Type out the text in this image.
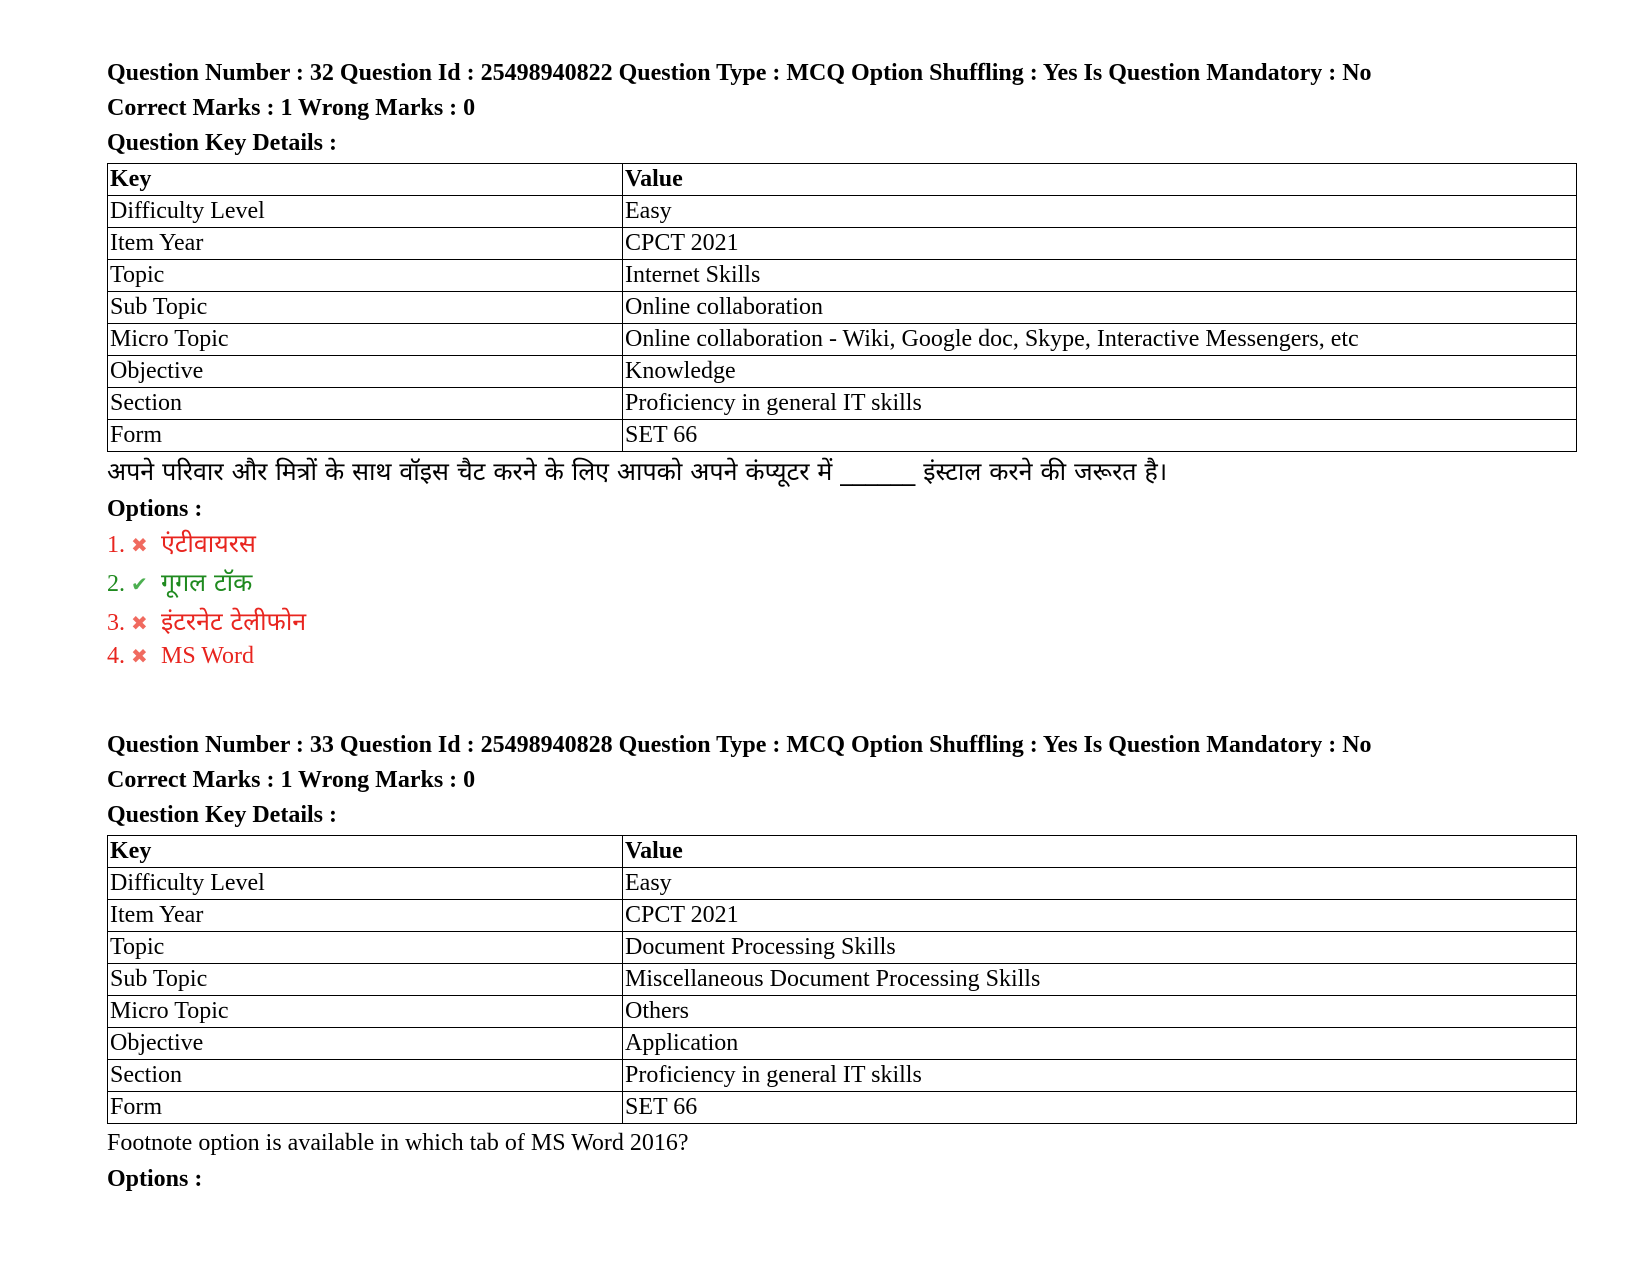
Question Number : 32 Question Id : 25498940822 Question Type : MCQ Option Shuffling : Yes Is Question Mandatory : No
Correct Marks : 1 Wrong Marks : 0
Question Key Details :
Key	Value
Difficulty Level	Easy
Item Year	CPCT 2021
Topic	Internet Skills
Sub Topic	Online collaboration
Micro Topic	Online collaboration - Wiki, Google doc, Skype, Interactive Messengers, etc
Objective	Knowledge
Section	Proficiency in general IT skills
Form	SET 66
अपने परिवार और मित्रों के साथ वॉइस चैट करने के लिए आपको अपने कंप्यूटर में ______ इंस्टाल करने की जरूरत है।
Options :
1. ✖ एंटीवायरस
2. ✔ गूगल टॉक
3. ✖ इंटरनेट टेलीफोन
4. ✖ MS Word
Question Number : 33 Question Id : 25498940828 Question Type : MCQ Option Shuffling : Yes Is Question Mandatory : No
Correct Marks : 1 Wrong Marks : 0
Question Key Details :
Key	Value
Difficulty Level	Easy
Item Year	CPCT 2021
Topic	Document Processing Skills
Sub Topic	Miscellaneous Document Processing Skills
Micro Topic	Others
Objective	Application
Section	Proficiency in general IT skills
Form	SET 66
Footnote option is available in which tab of MS Word 2016?
Options :
